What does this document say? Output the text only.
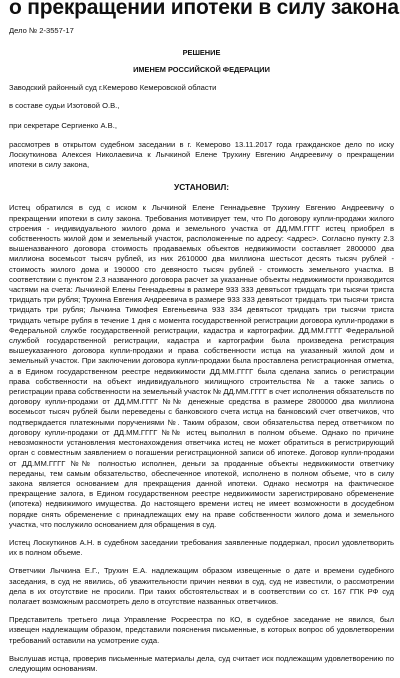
о прекращении ипотеки в силу закона
Дело № 2-3557-17
РЕШЕНИЕ
ИМЕНЕМ РОССИЙСКОЙ ФЕДЕРАЦИИ
Заводский районный суд г.Кемерово Кемеровской области
в составе судьи Изотовой О.В.,
при секретаре Сергиенко А.В.,
рассмотрев в открытом судебном заседании в г. Кемерово 13.11.2017 года гражданское дело по иску Лоскуткиновa Алексея Николаевича к Лычкиной Елене Трухину Евгению Андреевичу о прекращении ипотеки в силу закона,
УСТАНОВИЛ:
Истец обратился в суд с иском к Лычкиной Елене Геннадьевне Трухину Евгению Андреевичу о прекращении ипотеки в силу закона. Требования мотивирует тем, что По договору купли-продажи жилого строения - индивидуального жилого дома и земельного участка от ДД.ММ.ГГГГ истец приобрел в собственность жилой дом и земельный участок, расположенные по адресу: <адрес>. Согласно пункту 2.3 вышеназванного договора стоимость продаваемых объектов недвижимости составляет 2800000 два миллиона восемьсот тысяч рублей, из них 2610000 два миллиона шестьсот десять тысяч рублей - стоимость жилого дома и 190000 сто девяносто тысяч рублей - стоимость земельного участка. В соответствии с пунктом 2.3 названного договора расчет за указанные объекты недвижимости производится частями на счета: Лычкиной Елены Геннадьевны в размере 933 333 девятьсот тридцать три тысячи триста тридцать три рубля; Трухина Евгения Андреевича в размере 933 333 девятьсот тридцать три тысячи триста тридцать три рубля; Лычкина Тимофея Евгеньевича 933 334 девятьсот тридцать три тысячи триста тридцать четыре рубля в течение 1 дня с момента государственной регистрации договора купли-продажи в Федеральной службе государственной регистрации, кадастра и картографии. ДД.ММ.ГГГГ Федеральной службой государственной регистрации, кадастра и картографии была произведена регистрация вышеуказанного договора купли-продажи и права собственности истца на указанный жилой дом и земельный участок. При заключении договора купли-продажи была проставлена регистрационная отметка, а в Едином государственном реестре недвижимости ДД.ММ.ГГГГ была сделана запись о регистрации права собственности на объект индивидуального жилищного строительства № а также запись о регистрации права собственности на земельный участок № ДД.ММ.ГГГГ в счет исполнения обязательств по договору купли-продажи от ДД.ММ.ГГГГ №№ денежные средства в размере 2800000 два миллиона восемьсот тысяч рублей были переведены с банковского счета истца на банковский счет ответчиков, что подтверждается платежными поручениями №. Таким образом, свои обязательства перед ответчиком по договору купли-продажи от ДД.ММ.ГГГГ №№ истец выполнил в полном объеме. Однако по причине невозможности установления местонахождения ответчика истец не может обратиться в регистрирующий орган с совместным заявлением о погашении регистрационной записи об ипотеке. Договор купли-продажи от ДД.ММ.ГГГГ №№ полностью исполнен, деньги за проданные объекты недвижимости ответчику переданы, тем самым обязательство, обеспеченное ипотекой, исполнено в полном объеме, что в силу закона является основанием для прекращения данной ипотеки. Однако несмотря на фактическое прекращение залога, в Едином государственном реестре недвижимости зарегистрировано обременение (ипотека) недвижимого имущества. До настоящего времени истец не имеет возможности в досудебном порядке снять обременение с принадлежащих ему на праве собственности жилого дома и земельного участка, что послужило основанием для обращения в суд.
Истец Лоскуткинов А.Н. в судебном заседании требования заявленные поддержал, просил удовлетворить их в полном объеме.
Ответчики Лычкина Е.Г., Трухин Е.А. надлежащим образом извещенные о дате и времени судебного заседания, в суд не явились, об уважительности причин неявки в суд, суд не известили, о рассмотрении дела в их отсутствие не просили. При таких обстоятельствах и в соответствии со ст. 167 ГПК РФ суд полагает возможным рассмотреть дело в отсутствие названных ответчиков.
Представитель третьего лица Управление Росреестра по КО, в судебное заседание не явился, был извещен надлежащим образом, представили пояснения письменные, в которых вопрос об удовлетворении требований оставили на усмотрение суда.
Выслушав истца, проверив письменные материалы дела, суд считает иск подлежащим удовлетворению по следующим основаниям.
